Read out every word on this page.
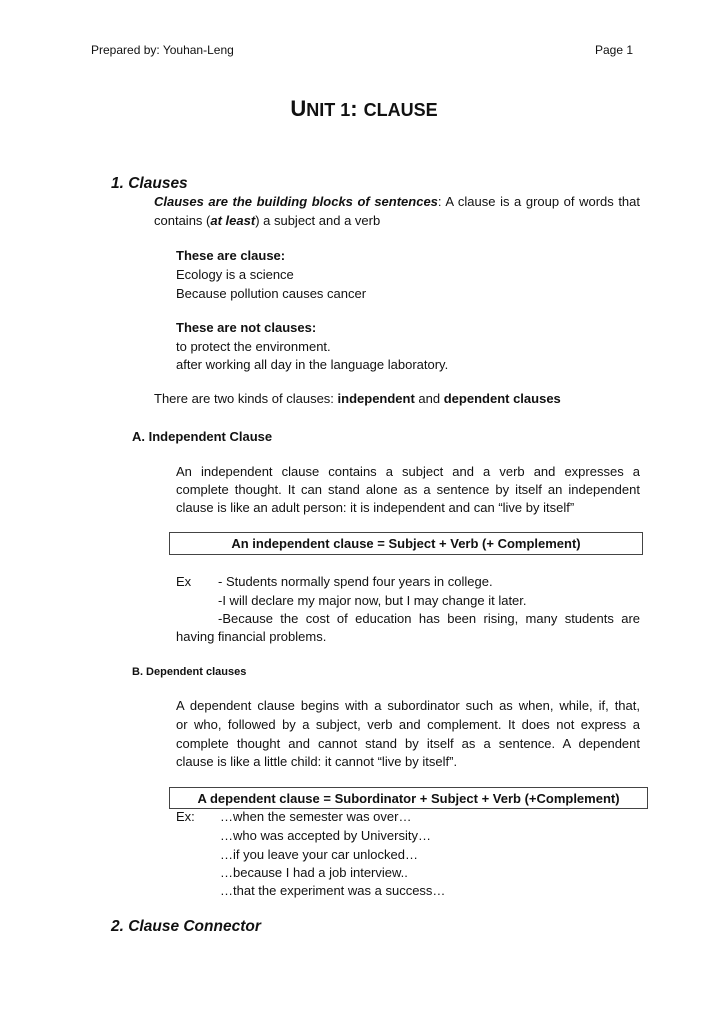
Prepared by: Youhan-Leng	Page 1
UNIT 1: CLAUSE
1. Clauses
Clauses are the building blocks of sentences: A clause is a group of words that
contains (at least) a subject and a verb
These are clause:
Ecology is a science
Because pollution causes cancer
These are not clauses:
to protect the environment.
after working all day in the language laboratory.
There are two kinds of clauses: independent and dependent clauses
A. Independent Clause
An independent clause contains a subject and a verb and expresses a
complete thought. It can stand alone as a sentence by itself an independent
clause is like an adult person: it is independent and can “live by itself”
An independent clause = Subject + Verb (+ Complement)
Ex - Students normally spend four years in college.
-I will declare my major now, but I may change it later.
-Because the cost of education has been rising, many students are
having financial problems.
B. Dependent clauses
A dependent clause begins with a subordinator such as when, while, if, that,
or who, followed by a subject, verb and complement. It does not express a
complete thought and cannot stand by itself as a sentence. A dependent
clause is like a little child: it cannot “live by itself”.
A dependent clause = Subordinator + Subject + Verb (+Complement)
Ex: …when the semester was over…
…who was accepted by University…
…if you leave your car unlocked…
…because I had a job interview..
…that the experiment was a success…
2. Clause Connector
